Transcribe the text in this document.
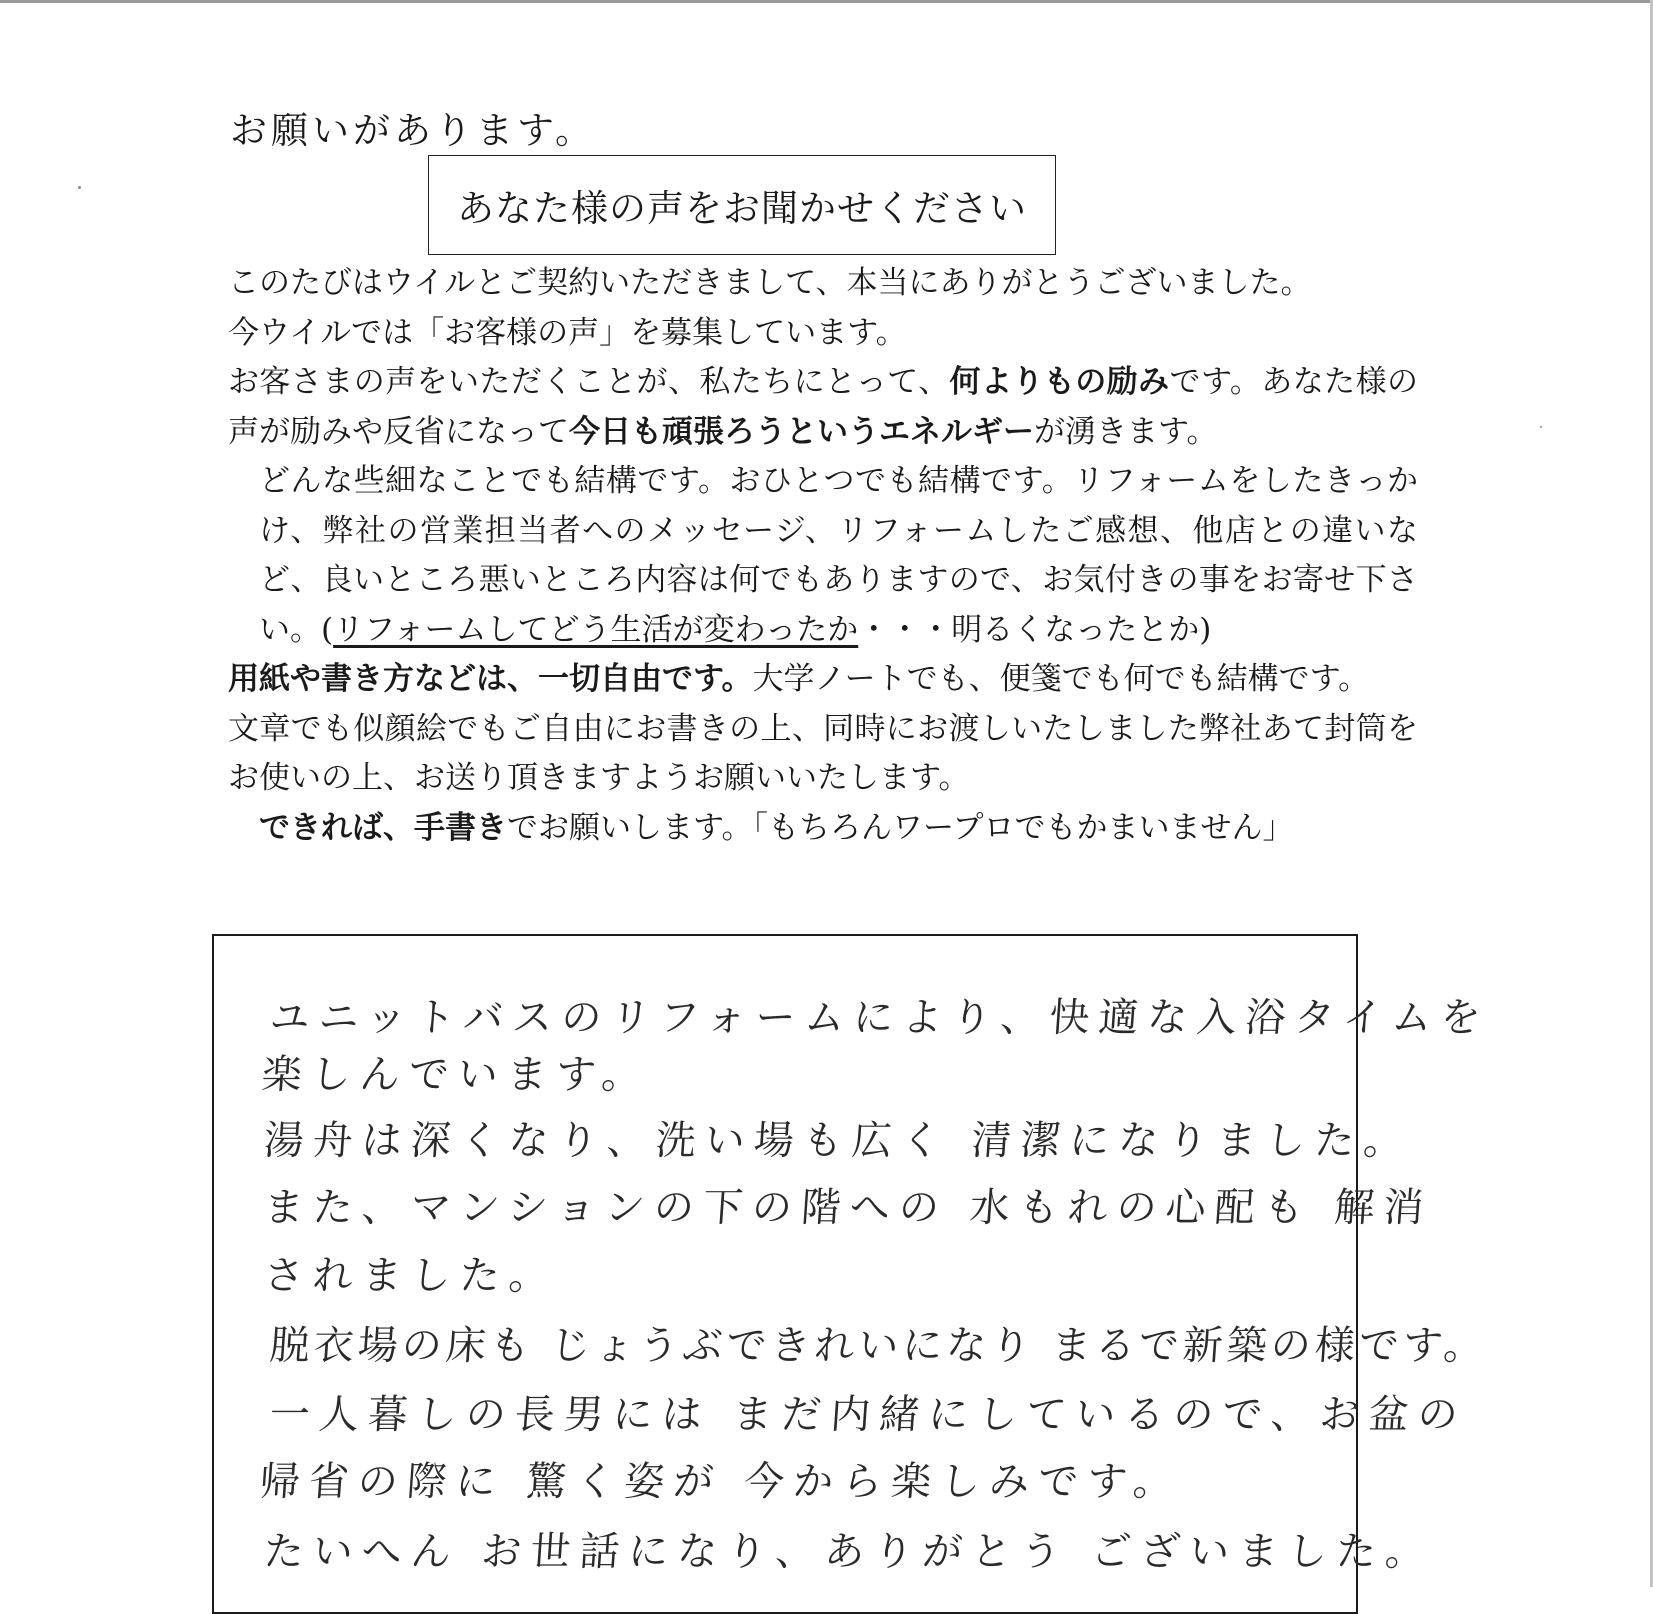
お願いがあります。
あなた様の声をお聞かせください

このたびはウイルとご契約いただきまして、本当にありがとうございました。

今ウイルでは「お客様の声」を募集しています。

お客さまの声をいただくことが、私たちにとって、何よりもの励みです。あなた様の声が励みや反省になって今日も頑張ろうというエネルギーが湧きます。

どんな些細なことでも結構です。おひとつでも結構です。リフォームをしたきっかけ、弊社の営業担当者へのメッセージ、リフォームしたご感想、他店との違いなど、良いところ悪いところ内容は何でもありますので、お気付きの事をお寄せ下さい。(リフォームしてどう生活が変わったか・・・明るくなったとか)

用紙や書き方などは、一切自由です。大学ノートでも、便箋でも何でも結構です。

文章でも似顔絵でもご自由にお書きの上、同時にお渡しいたしました弊社あて封筒をお使いの上、お送り頂きますようお願いいたします。

できれば、手書きでお願いします。「もちろんワープロでもかまいません」

ユニットバスのリフォームにより、快適な入浴タイムを
楽しんでいます。
湯舟は深くなり、洗い場も広く 清潔になりました。
また、マンションの下の階への 水もれの心配も 解消
されました。
脱衣場の床も じょうぶできれいになり まるで新築の様です。
一人暮しの長男には まだ内緒にしているので、お盆の
帰省の際に 驚く姿が 今から楽しみです。
たいへん お世話になり、ありがとう ございました。
